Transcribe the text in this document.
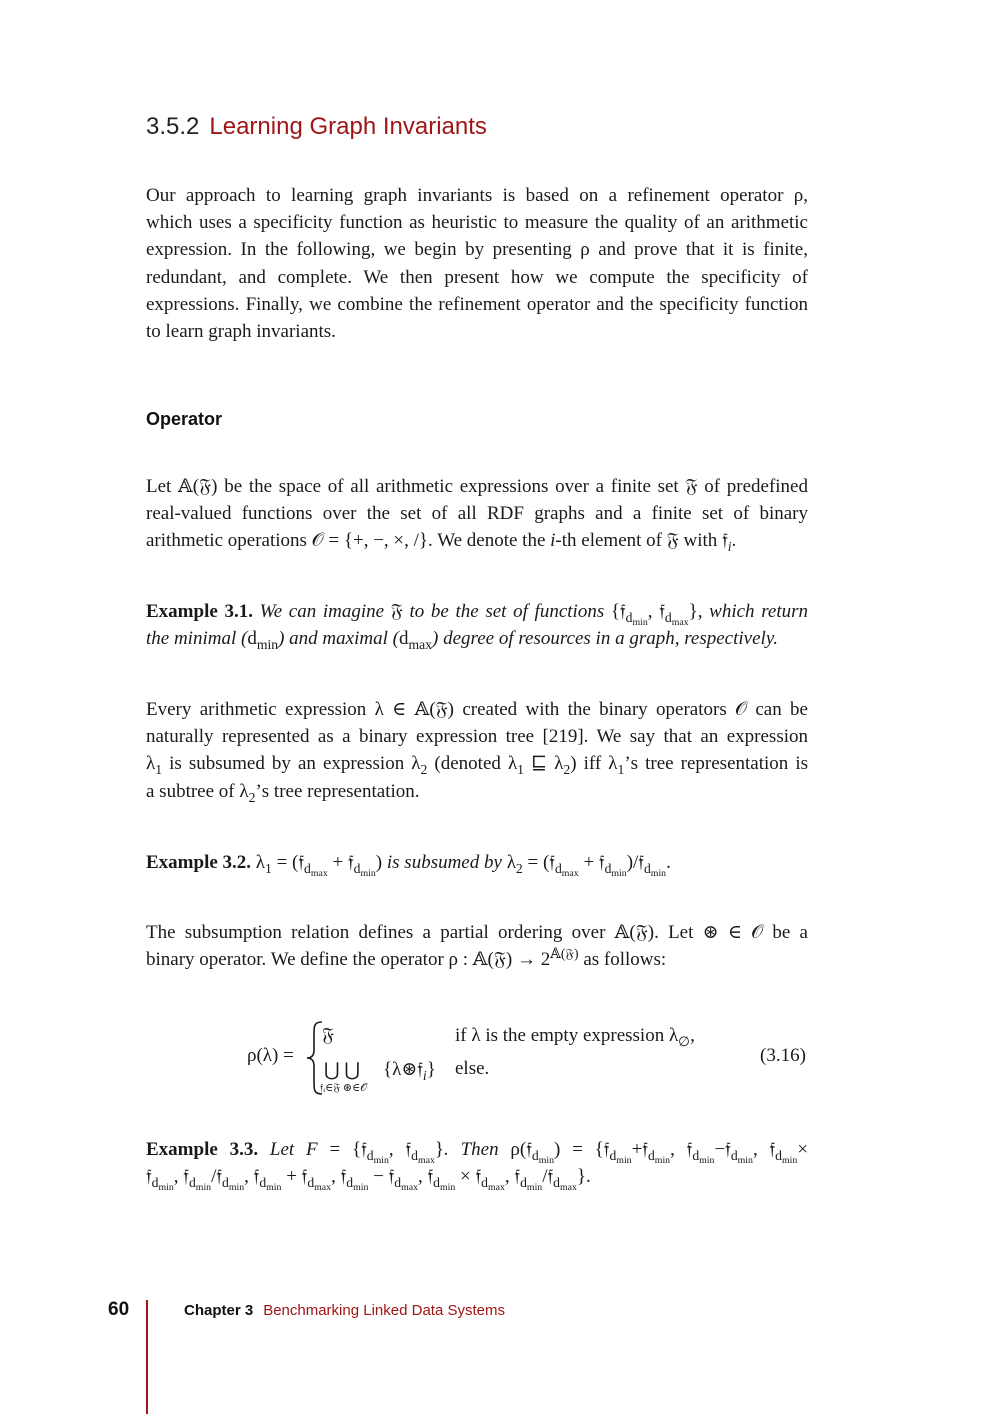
3.5.2 Learning Graph Invariants
Our approach to learning graph invariants is based on a refinement operator ρ,
which uses a specificity function as heuristic to measure the quality of an arithmetic
expression. In the following, we begin by presenting ρ and prove that it is finite,
redundant, and complete. We then present how we compute the specificity of
expressions. Finally, we combine the refinement operator and the specificity function
to learn graph invariants.
Operator
Let 𝔸(𝔉) be the space of all arithmetic expressions over a finite set 𝔉 of predefined
real-valued functions over the set of all RDF graphs and a finite set of binary
arithmetic operations 𝒪 = {+, −, ×, /}. We denote the i-th element of 𝔉 with 𝔣$_i$.
Example 3.1. We can imagine 𝔉 to be the set of functions {𝔣$_{d_{min}}$, 𝔣$_{d_{max}}$}, which return
the minimal $(d_{min})$ and maximal $(d_{max})$ degree of resources in a graph, respectively.
Every arithmetic expression λ ∈ 𝔸(𝔉) created with the binary operators 𝒪 can be
naturally represented as a binary expression tree [219]. We say that an expression
$\lambda_1$ is subsumed by an expression $\lambda_2$ (denoted $\lambda_1$ ⊑ $\lambda_2$) iff $\lambda_1’s$ tree representation is
a subtree of $\lambda_2’s$ tree representation.
Example 3.2. $\lambda_1$ = (𝔣$_{d_{max}}$ + 𝔣$_{d_{min}}$) is subsumed by $\lambda_2$ = (𝔣$_{d_{max}}$ + 𝔣$_{d_{min}}$)/𝔣$_{d_{min}}$.
The subsumption relation defines a partial ordering over 𝔸(𝔉). Let ⊛ ∈ 𝒪 be a
binary operator. We define the operator ρ : 𝔸(𝔉) → $2^{𝔸(𝔉)}$ as follows:
ρ(λ) =
𝔉	if λ is the empty expression $\lambda_\emptyset$,
⋃ ⋃
𝔣ᵢ∈𝔉 ⊛∈𝒪
{λ⊛𝔣$_i$} else.
(3.16)
Example 3.3. Let F = {𝔣$_{d_{min}}$, 𝔣$_{d_{max}}$}. Then ρ(𝔣$_{d_{min}}$) = {𝔣$_{d_{min}}$+𝔣$_{d_{min}}$, 𝔣$_{d_{min}}$−𝔣$_{d_{min}}$, 𝔣$_{d_{min}}$×
𝔣$_{d_{min}}$, 𝔣$_{d_{min}}$/𝔣$_{d_{min}}$, 𝔣$_{d_{min}}$ + 𝔣$_{d_{max}}$, 𝔣$_{d_{min}}$ − 𝔣$_{d_{max}}$, 𝔣$_{d_{min}}$ × 𝔣$_{d_{max}}$, 𝔣$_{d_{min}}$/𝔣$_{d_{max}}$}.
60	Chapter 3 Benchmarking Linked Data Systems
